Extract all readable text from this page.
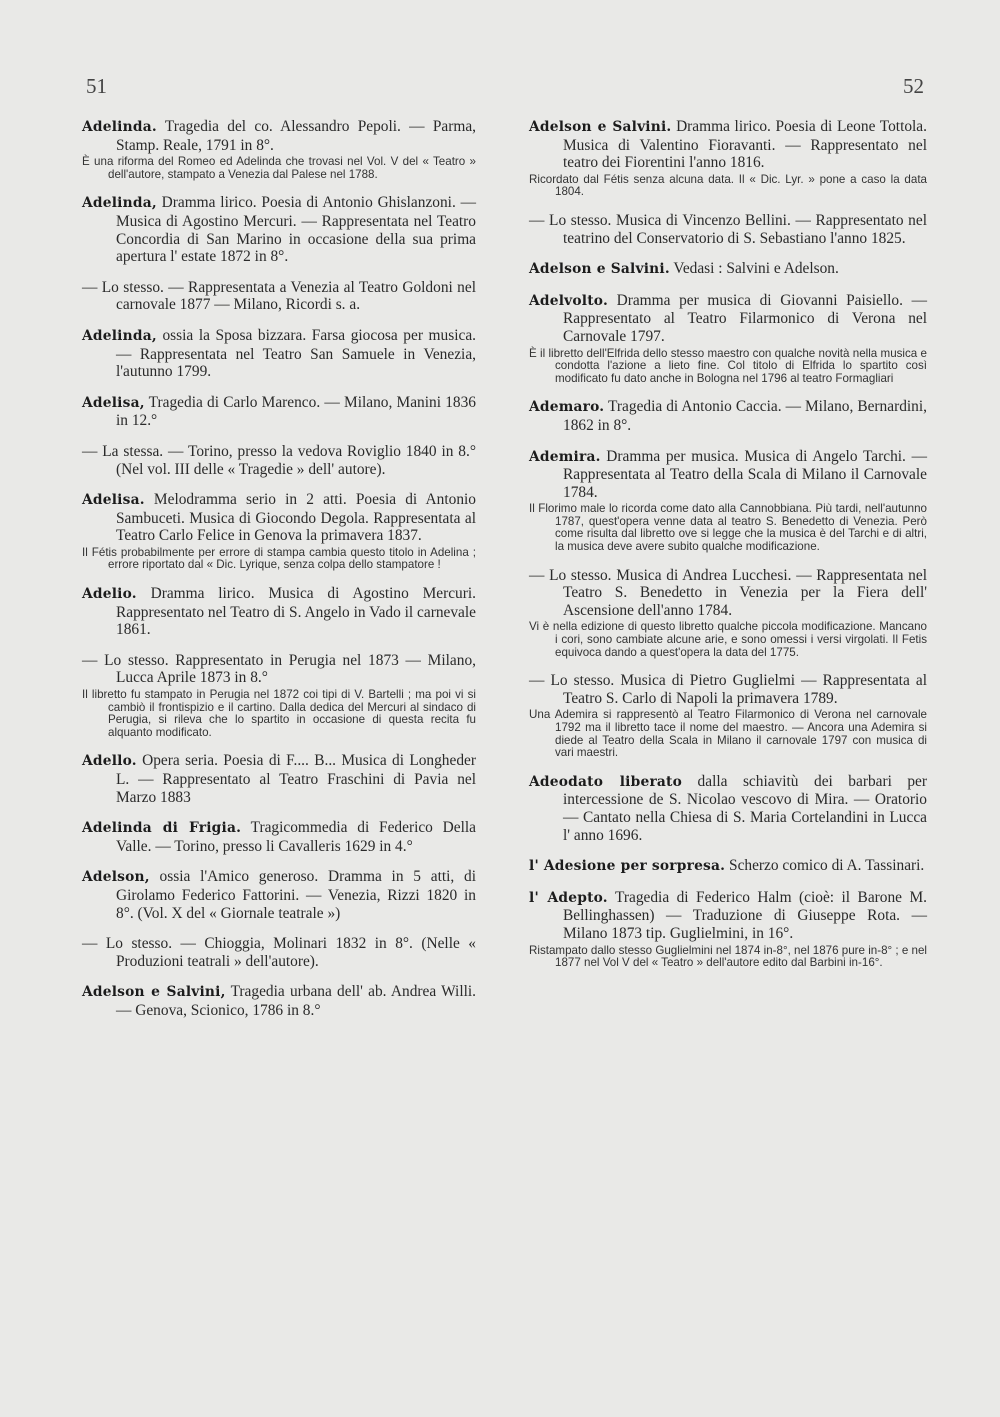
51	52

Adelinda. Tragedia del co. Alessandro Pepoli. — Parma, Stamp. Reale, 1791 in 8°.

È una riforma del Romeo ed Adelinda che trovasi nel Vol. V del « Teatro » dell'autore, stampato a Venezia dal Palese nel 1788.

Adelinda, Dramma lirico. Poesia di Antonio Ghislanzoni. — Musica di Agostino Mercuri. — Rappresentata nel Teatro Concordia di San Marino in occasione della sua prima apertura l' estate 1872 in 8°.

— Lo stesso. — Rappresentata a Venezia al Teatro Goldoni nel carnovale 1877 — Milano, Ricordi s. a.

Adelinda, ossia la Sposa bizzara. Farsa giocosa per musica. — Rappresentata nel Teatro San Samuele in Venezia, l'autunno 1799.

Adelisa, Tragedia di Carlo Marenco. — Milano, Manini 1836 in 12.°

— La stessa. — Torino, presso la vedova Roviglio 1840 in 8.° (Nel vol. III delle « Tragedie » dell' autore).

Adelisa. Melodramma serio in 2 atti. Poesia di Antonio Sambuceti. Musica di Giocondo Degola. Rappresentata al Teatro Carlo Felice in Genova la primavera 1837.

Il Fétis probabilmente per errore di stampa cambia questo titolo in Adelina ; errore riportato dal « Dic. Lyrique, senza colpa dello stampatore !

Adelio. Dramma lirico. Musica di Agostino Mercuri. Rappresentato nel Teatro di S. Angelo in Vado il carnevale 1861.

— Lo stesso. Rappresentato in Perugia nel 1873 — Milano, Lucca Aprile 1873 in 8.°

Il libretto fu stampato in Perugia nel 1872 coi tipi di V. Bartelli ; ma poi vi si cambiò il frontispizio e il cartino. Dalla dedica del Mercuri al sindaco di Perugia, si rileva che lo spartito in occasione di questa recita fu alquanto modificato.

Adello. Opera seria. Poesia di F.... B... Musica di Longheder L. — Rappresentato al Teatro Fraschini di Pavia nel Marzo 1883

Adelinda di Frigia. Tragicommedia di Federico Della Valle. — Torino, presso li Cavalleris 1629 in 4.°

Adelson, ossia l'Amico generoso. Dramma in 5 atti, di Girolamo Federico Fattorini. — Venezia, Rizzi 1820 in 8°. (Vol. X del « Giornale teatrale »)

— Lo stesso. — Chioggia, Molinari 1832 in 8°. (Nelle « Produzioni teatrali » dell'autore).

Adelson e Salvini, Tragedia urbana dell' ab. Andrea Willi. — Genova, Scionico, 1786 in 8.°

Adelson e Salvini. Dramma lirico. Poesia di Leone Tottola. Musica di Valentino Fioravanti. — Rappresentato nel teatro dei Fiorentini l'anno 1816.

Ricordato dal Fétis senza alcuna data. Il « Dic. Lyr. » pone a caso la data 1804.

— Lo stesso. Musica di Vincenzo Bellini. — Rappresentato nel teatrino del Conservatorio di S. Sebastiano l'anno 1825.

Adelson e Salvini. Vedasi : Salvini e Adelson.

Adelvolto. Dramma per musica di Giovanni Paisiello. — Rappresentato al Teatro Filarmonico di Verona nel Carnovale 1797.

È il libretto dell'Elfrida dello stesso maestro con qualche novità nella musica e condotta l'azione a lieto fine. Col titolo di Elfrida lo spartito così modificato fu dato anche in Bologna nel 1796 al teatro Formagliari

Ademaro. Tragedia di Antonio Caccia. — Milano, Bernardini, 1862 in 8°.

Ademira. Dramma per musica. Musica di Angelo Tarchi. — Rappresentata al Teatro della Scala di Milano il Carnovale 1784.

Il Florimo male lo ricorda come dato alla Cannobbiana. Più tardi, nell'autunno 1787, quest'opera venne data al teatro S. Benedetto di Venezia. Però come risulta dal libretto ove si legge che la musica è del Tarchi e di altri, la musica deve avere subito qualche modificazione.

— Lo stesso. Musica di Andrea Lucchesi. — Rappresentata nel Teatro S. Benedetto in Venezia per la Fiera dell' Ascensione dell'anno 1784.

Vi è nella edizione di questo libretto qualche piccola modificazione. Mancano i cori, sono cambiate alcune arie, e sono omessi i versi virgolati. Il Fetis equivoca dando a quest'opera la data del 1775.

— Lo stesso. Musica di Pietro Guglielmi — Rappresentata al Teatro S. Carlo di Napoli la primavera 1789.

Una Ademira si rappresentò al Teatro Filarmonico di Verona nel carnovale 1792 ma il libretto tace il nome del maestro. — Ancora una Ademira si diede al Teatro della Scala in Milano il carnovale 1797 con musica di vari maestri.

Adeodato liberato dalla schiavitù dei barbari per intercessione de S. Nicolao vescovo di Mira. — Oratorio — Cantato nella Chiesa di S. Maria Cortelandini in Lucca l' anno 1696.

l' Adesione per sorpresa. Scherzo comico di A. Tassinari.

l' Adepto. Tragedia di Federico Halm (cioè: il Barone M. Bellinghassen) — Traduzione di Giuseppe Rota. — Milano 1873 tip. Guglielmini, in 16°.

Ristampato dallo stesso Guglielmini nel 1874 in-8°, nel 1876 pure in-8° ; e nel 1877 nel Vol V del « Teatro » dell'autore edito dal Barbini in-16°.
